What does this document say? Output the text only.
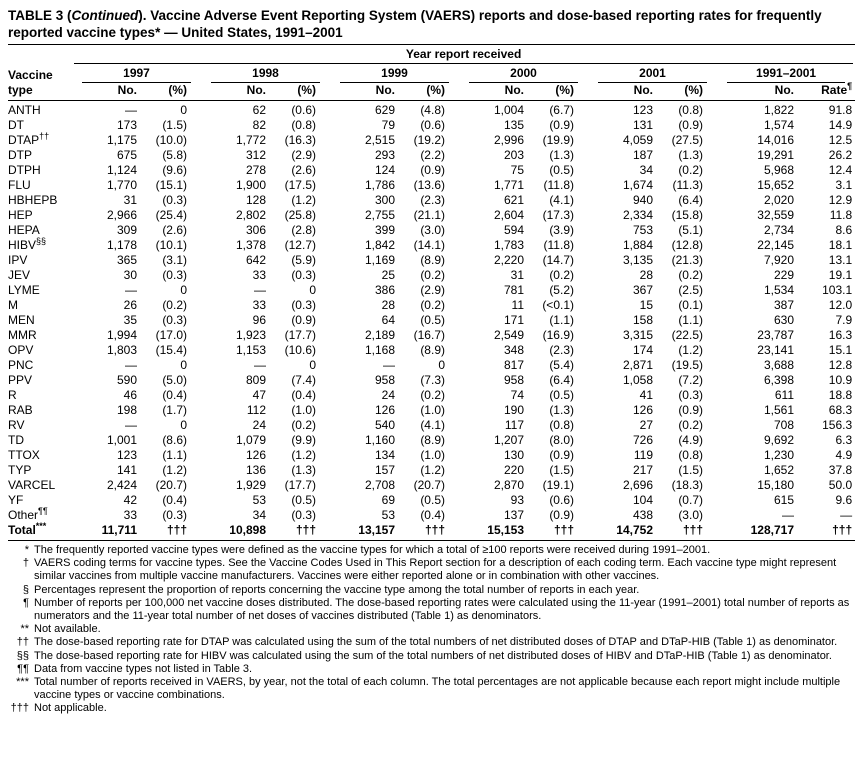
TABLE 3 (Continued). Vaccine Adverse Event Reporting System (VAERS) reports and dose-based reporting rates for frequently reported vaccine types* — United States, 1991–2001

	Year report received											

Vaccine	1997		1998		1999		2000		2001		1991–2001	

type	No.	(%)	No.	(%)	No.	(%)	No.	(%)	No.	(%)	No.	Rate¶
ANTH	—	0	62	(0.6)	629	(4.8)	1,004	(6.7)	123	(0.8)	1,822	91.8
DT	173	(1.5)	82	(0.8)	79	(0.6)	135	(0.9)	131	(0.9)	1,574	14.9
DTAP††	1,175	(10.0)	1,772	(16.3)	2,515	(19.2)	2,996	(19.9)	4,059	(27.5)	14,016	12.5
DTP	675	(5.8)	312	(2.9)	293	(2.2)	203	(1.3)	187	(1.3)	19,291	26.2
DTPH	1,124	(9.6)	278	(2.6)	124	(0.9)	75	(0.5)	34	(0.2)	5,968	12.4
FLU	1,770	(15.1)	1,900	(17.5)	1,786	(13.6)	1,771	(11.8)	1,674	(11.3)	15,652	3.1
HBHEPB	31	(0.3)	128	(1.2)	300	(2.3)	621	(4.1)	940	(6.4)	2,020	12.9
HEP	2,966	(25.4)	2,802	(25.8)	2,755	(21.1)	2,604	(17.3)	2,334	(15.8)	32,559	11.8
HEPA	309	(2.6)	306	(2.8)	399	(3.0)	594	(3.9)	753	(5.1)	2,734	8.6
HIBV§§	1,178	(10.1)	1,378	(12.7)	1,842	(14.1)	1,783	(11.8)	1,884	(12.8)	22,145	18.1
IPV	365	(3.1)	642	(5.9)	1,169	(8.9)	2,220	(14.7)	3,135	(21.3)	7,920	13.1
JEV	30	(0.3)	33	(0.3)	25	(0.2)	31	(0.2)	28	(0.2)	229	19.1
LYME	—	0	—	0	386	(2.9)	781	(5.2)	367	(2.5)	1,534	103.1
M	26	(0.2)	33	(0.3)	28	(0.2)	11	(<0.1)	15	(0.1)	387	12.0
MEN	35	(0.3)	96	(0.9)	64	(0.5)	171	(1.1)	158	(1.1)	630	7.9
MMR	1,994	(17.0)	1,923	(17.7)	2,189	(16.7)	2,549	(16.9)	3,315	(22.5)	23,787	16.3
OPV	1,803	(15.4)	1,153	(10.6)	1,168	(8.9)	348	(2.3)	174	(1.2)	23,141	15.1
PNC	—	0	—	0	—	0	817	(5.4)	2,871	(19.5)	3,688	12.8
PPV	590	(5.0)	809	(7.4)	958	(7.3)	958	(6.4)	1,058	(7.2)	6,398	10.9
R	46	(0.4)	47	(0.4)	24	(0.2)	74	(0.5)	41	(0.3)	611	18.8
RAB	198	(1.7)	112	(1.0)	126	(1.0)	190	(1.3)	126	(0.9)	1,561	68.3
RV	—	0	24	(0.2)	540	(4.1)	117	(0.8)	27	(0.2)	708	156.3
TD	1,001	(8.6)	1,079	(9.9)	1,160	(8.9)	1,207	(8.0)	726	(4.9)	9,692	6.3
TTOX	123	(1.1)	126	(1.2)	134	(1.0)	130	(0.9)	119	(0.8)	1,230	4.9
TYP	141	(1.2)	136	(1.3)	157	(1.2)	220	(1.5)	217	(1.5)	1,652	37.8
VARCEL	2,424	(20.7)	1,929	(17.7)	2,708	(20.7)	2,870	(19.1)	2,696	(18.3)	15,180	50.0
YF	42	(0.4)	53	(0.5)	69	(0.5)	93	(0.6)	104	(0.7)	615	9.6
Other¶¶	33	(0.3)	34	(0.3)	53	(0.4)	137	(0.9)	438	(3.0)	—	—
Total***	11,711	†††	10,898	†††	13,157	†††	15,153	†††	14,752	†††	128,717	†††
* The frequently reported vaccine types were defined as the vaccine types for which a total of ≥100 reports were received during 1991–2001.
† VAERS coding terms for vaccine types. See the Vaccine Codes Used in This Report section for a description of each coding term. Each vaccine type might represent similar vaccines from multiple vaccine manufacturers. Vaccines were either reported alone or in combination with other vaccines.
§ Percentages represent the proportion of reports concerning the vaccine type among the total number of reports in each year.
¶ Number of reports per 100,000 net vaccine doses distributed. The dose-based reporting rates were calculated using the 11-year (1991–2001) total number of reports as numerators and the 11-year total number of net doses of vaccines distributed (Table 1) as denominators.
** Not available.
†† The dose-based reporting rate for DTAP was calculated using the sum of the total numbers of net distributed doses of DTAP and DTaP-HIB (Table 1) as denominator.
§§ The dose-based reporting rate for HIBV was calculated using the sum of the total numbers of net distributed doses of HIBV and DTaP-HIB (Table 1) as denominator.
¶¶ Data from vaccine types not listed in Table 3.
*** Total number of reports received in VAERS, by year, not the total of each column. The total percentages are not applicable because each report might include multiple vaccine types or vaccine combinations.
††† Not applicable.
